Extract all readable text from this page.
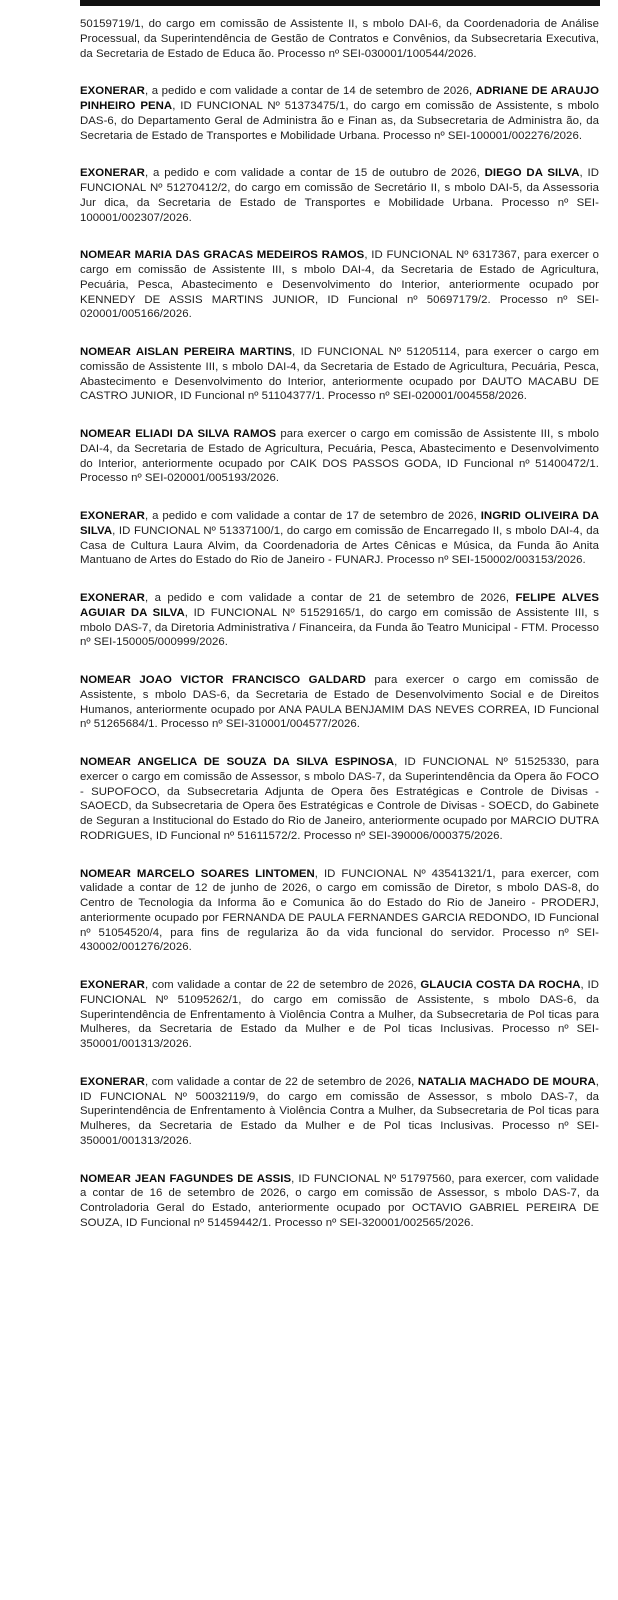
50159719/1, do cargo em comissão de Assistente II, s mbolo DAI-6, da Coordenadoria de Análise Processual, da Superintendência de Gestão de Contratos e Convênios, da Subsecretaria Executiva, da Secretaria de Estado de Educa ão. Processo nº SEI-030001/100544/2026.

EXONERAR, a pedido e com validade a contar de 14 de setembro de 2026, ADRIANE DE ARAUJO PINHEIRO PENA, ID FUNCIONAL Nº 51373475/1, do cargo em comissão de Assistente, s mbolo DAS-6, do Departamento Geral de Administra ão e Finan as, da Subsecretaria de Administra ão, da Secretaria de Estado de Transportes e Mobilidade Urbana. Processo nº SEI-100001/002276/2026.

EXONERAR, a pedido e com validade a contar de 15 de outubro de 2026, DIEGO DA SILVA, ID FUNCIONAL Nº 51270412/2, do cargo em comissão de Secretário II, s mbolo DAI-5, da Assessoria Jur dica, da Secretaria de Estado de Transportes e Mobilidade Urbana. Processo nº SEI-100001/002307/2026.

NOMEAR MARIA DAS GRACAS MEDEIROS RAMOS, ID FUNCIONAL Nº 6317367, para exercer o cargo em comissão de Assistente III, s mbolo DAI-4, da Secretaria de Estado de Agricultura, Pecuária, Pesca, Abastecimento e Desenvolvimento do Interior, anteriormente ocupado por KENNEDY DE ASSIS MARTINS JUNIOR, ID Funcional nº 50697179/2. Processo nº SEI-020001/005166/2026.

NOMEAR AISLAN PEREIRA MARTINS, ID FUNCIONAL Nº 51205114, para exercer o cargo em comissão de Assistente III, s mbolo DAI-4, da Secretaria de Estado de Agricultura, Pecuária, Pesca, Abastecimento e Desenvolvimento do Interior, anteriormente ocupado por DAUTO MACABU DE CASTRO JUNIOR, ID Funcional nº 51104377/1. Processo nº SEI-020001/004558/2026.

NOMEAR ELIADI DA SILVA RAMOS para exercer o cargo em comissão de Assistente III, s mbolo DAI-4, da Secretaria de Estado de Agricultura, Pecuária, Pesca, Abastecimento e Desenvolvimento do Interior, anteriormente ocupado por CAIK DOS PASSOS GODA, ID Funcional nº 51400472/1. Processo nº SEI-020001/005193/2026.

EXONERAR, a pedido e com validade a contar de 17 de setembro de 2026, INGRID OLIVEIRA DA SILVA, ID FUNCIONAL Nº 51337100/1, do cargo em comissão de Encarregado II, s mbolo DAI-4, da Casa de Cultura Laura Alvim, da Coordenadoria de Artes Cênicas e Música, da Funda ão Anita Mantuano de Artes do Estado do Rio de Janeiro - FUNARJ. Processo nº SEI-150002/003153/2026.

EXONERAR, a pedido e com validade a contar de 21 de setembro de 2026, FELIPE ALVES AGUIAR DA SILVA, ID FUNCIONAL Nº 51529165/1, do cargo em comissão de Assistente III, s mbolo DAS-7, da Diretoria Administrativa / Financeira, da Funda ão Teatro Municipal - FTM. Processo nº SEI-150005/000999/2026.

NOMEAR JOAO VICTOR FRANCISCO GALDARD para exercer o cargo em comissão de Assistente, s mbolo DAS-6, da Secretaria de Estado de Desenvolvimento Social e de Direitos Humanos, anteriormente ocupado por ANA PAULA BENJAMIM DAS NEVES CORREA, ID Funcional nº 51265684/1. Processo nº SEI-310001/004577/2026.

NOMEAR ANGELICA DE SOUZA DA SILVA ESPINOSA, ID FUNCIONAL Nº 51525330, para exercer o cargo em comissão de Assessor, s mbolo DAS-7, da Superintendência da Opera ão FOCO - SUPOFOCO, da Subsecretaria Adjunta de Opera ões Estratégicas e Controle de Divisas - SAOECD, da Subsecretaria de Opera ões Estratégicas e Controle de Divisas - SOECD, do Gabinete de Seguran a Institucional do Estado do Rio de Janeiro, anteriormente ocupado por MARCIO DUTRA RODRIGUES, ID Funcional nº 51611572/2. Processo nº SEI-390006/000375/2026.

NOMEAR MARCELO SOARES LINTOMEN, ID FUNCIONAL Nº 43541321/1, para exercer, com validade a contar de 12 de junho de 2026, o cargo em comissão de Diretor, s mbolo DAS-8, do Centro de Tecnologia da Informa ão e Comunica ão do Estado do Rio de Janeiro - PRODERJ, anteriormente ocupado por FERNANDA DE PAULA FERNANDES GARCIA REDONDO, ID Funcional nº 51054520/4, para fins de regulariza ão da vida funcional do servidor. Processo nº SEI-430002/001276/2026.

EXONERAR, com validade a contar de 22 de setembro de 2026, GLAUCIA COSTA DA ROCHA, ID FUNCIONAL Nº 51095262/1, do cargo em comissão de Assistente, s mbolo DAS-6, da Superintendência de Enfrentamento à Violência Contra a Mulher, da Subsecretaria de Pol ticas para Mulheres, da Secretaria de Estado da Mulher e de Pol ticas Inclusivas. Processo nº SEI-350001/001313/2026.

EXONERAR, com validade a contar de 22 de setembro de 2026, NATALIA MACHADO DE MOURA, ID FUNCIONAL Nº 50032119/9, do cargo em comissão de Assessor, s mbolo DAS-7, da Superintendência de Enfrentamento à Violência Contra a Mulher, da Subsecretaria de Pol ticas para Mulheres, da Secretaria de Estado da Mulher e de Pol ticas Inclusivas. Processo nº SEI-350001/001313/2026.

NOMEAR JEAN FAGUNDES DE ASSIS, ID FUNCIONAL Nº 51797560, para exercer, com validade a contar de 16 de setembro de 2026, o cargo em comissão de Assessor, s mbolo DAS-7, da Controladoria Geral do Estado, anteriormente ocupado por OCTAVIO GABRIEL PEREIRA DE SOUZA, ID Funcional nº 51459442/1. Processo nº SEI-320001/002565/2026.
